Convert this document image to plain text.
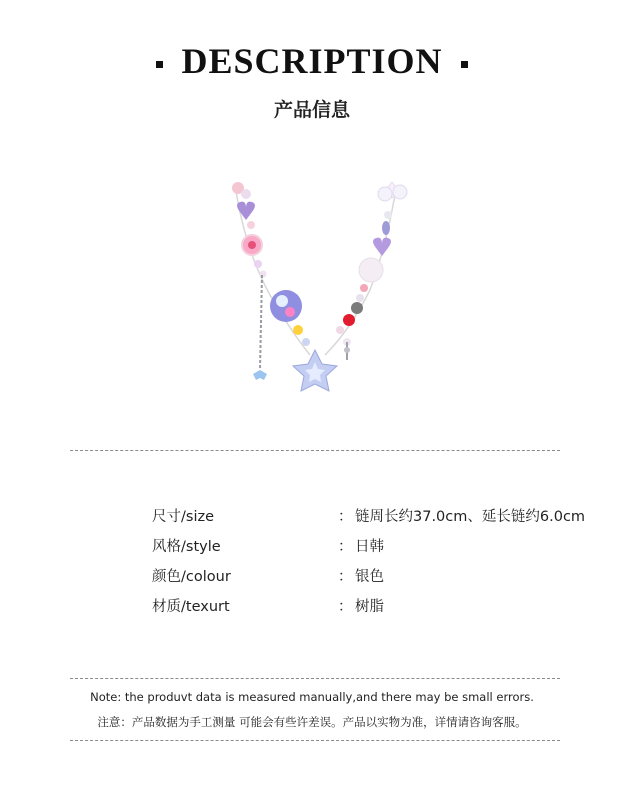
DESCRIPTION
产品信息
尺寸/size	： 链周长约37.0cm、延长链约6.0cm
风格/style	： 日韩
颜色/colour	： 银色
材质/texurt	： 树脂
Note: the produvt data is measured manually,and there may be small errors.
注意：产品数据为手工测量 可能会有些许差误。产品以实物为准，详情请咨询客服。
